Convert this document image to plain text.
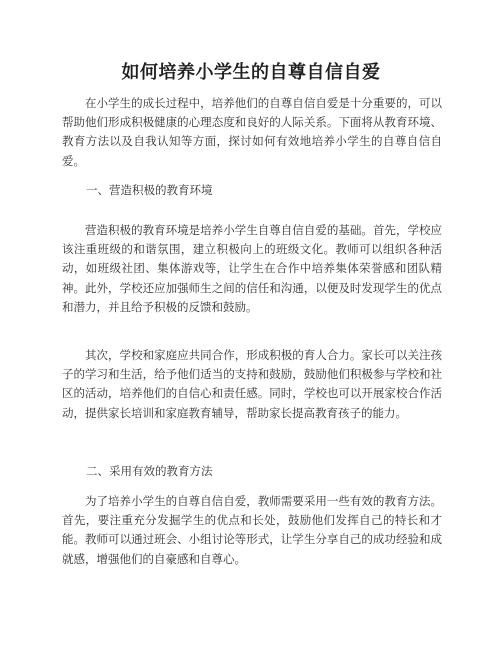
如何培养小学生的自尊自信自爱
在小学生的成长过程中，培养他们的自尊自信自爱是十分重要的，可以帮助他们形成积极健康的心理态度和良好的人际关系。下面将从教育环境、教育方法以及自我认知等方面，探讨如何有效地培养小学生的自尊自信自爱。
一、营造积极的教育环境
营造积极的教育环境是培养小学生自尊自信自爱的基础。首先，学校应该注重班级的和谐氛围，建立积极向上的班级文化。教师可以组织各种活动，如班级社团、集体游戏等，让学生在合作中培养集体荣誉感和团队精神。此外，学校还应加强师生之间的信任和沟通，以便及时发现学生的优点和潜力，并且给予积极的反馈和鼓励。
其次，学校和家庭应共同合作，形成积极的育人合力。家长可以关注孩子的学习和生活，给予他们适当的支持和鼓励，鼓励他们积极参与学校和社区的活动，培养他们的自信心和责任感。同时，学校也可以开展家校合作活动，提供家长培训和家庭教育辅导，帮助家长提高教育孩子的能力。
二、采用有效的教育方法
为了培养小学生的自尊自信自爱，教师需要采用一些有效的教育方法。首先，要注重充分发掘学生的优点和长处，鼓励他们发挥自己的特长和才能。教师可以通过班会、小组讨论等形式，让学生分享自己的成功经验和成就感，增强他们的自豪感和自尊心。
